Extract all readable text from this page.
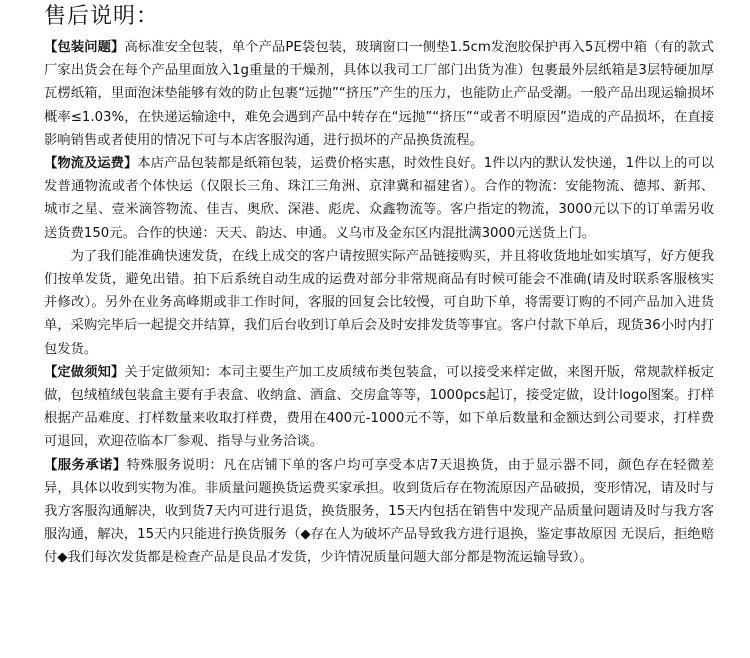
售后说明：

【包装问题】高标准安全包装，单个产品PE袋包装，玻璃窗口一侧垫1.5cm发泡胶保护再入5瓦楞中箱（有的款式厂家出货会在每个产品里面放入1g重量的干燥剂，具体以我司工厂部门出货为准）包裹最外层纸箱是3层特硬加厚瓦楞纸箱，里面泡沫垫能够有效的防止包裹“远抛”“挤压”产生的压力，也能防止产品受潮。一般产品出现运输损坏概率≤1.03%，在快递运输途中，难免会遇到产品中转存在“远抛”“挤压”“或者不明原因”造成的产品损坏，在直接影响销售或者使用的情况下可与本店客服沟通，进行损坏的产品换货流程。

【物流及运费】本店产品包装都是纸箱包装，运费价格实惠，时效性良好。1件以内的默认发快递，1件以上的可以发普通物流或者个体快运（仅限长三角、珠江三角洲、京津冀和福建省）。合作的物流：安能物流、德邦、新邦、城市之星、壹米滴答物流、佳吉、奥欣、深港、彪虎、众鑫物流等。客户指定的物流，3000元以下的订单需另收送货费150元。合作的快递：天天、韵达、申通。义乌市及金东区内混批满3000元送货上门。

为了我们能准确快速发货，在线上成交的客户请按照实际产品链接购买，并且将收货地址如实填写，好方便我们按单发货，避免出错。拍下后系统自动生成的运费对部分非常规商品有时候可能会不准确(请及时联系客服核实并修改）。另外在业务高峰期或非工作时间，客服的回复会比较慢，可自助下单，将需要订购的不同产品加入进货单，采购完毕后一起提交并结算，我们后台收到订单后会及时安排发货等事宜。客户付款下单后，现货36小时内打包发货。

【定做须知】关于定做须知：本司主要生产加工皮质绒布类包装盒，可以接受来样定做，来图开版，常规款样板定做，包绒植绒包装盒主要有手表盒、收纳盒、酒盒、交房盒等等，1000pcs起订，接受定做，设计logo图案。打样根据产品难度、打样数量来收取打样费，费用在400元-1000元不等，如下单后数量和金额达到公司要求，打样费可退回，欢迎莅临本厂参观、指导与业务洽谈。

【服务承诺】特殊服务说明：凡在店铺下单的客户均可享受本店7天退换货，由于显示器不同，颜色存在轻微差异，具体以收到实物为准。非质量问题换货运费买家承担。收到货后存在物流原因产品破损，变形情况，请及时与我方客服沟通解决，收到货7天内可进行退货，换货服务，15天内包括在销售中发现产品质量问题请及时与我方客服沟通，解决，15天内只能进行换货服务（◆存在人为破坏产品导致我方进行退换，鉴定事故原因 无误后，拒绝赔付◆我们每次发货都是检查产品是良品才发货，少许情况质量问题大部分都是物流运输导致）。
